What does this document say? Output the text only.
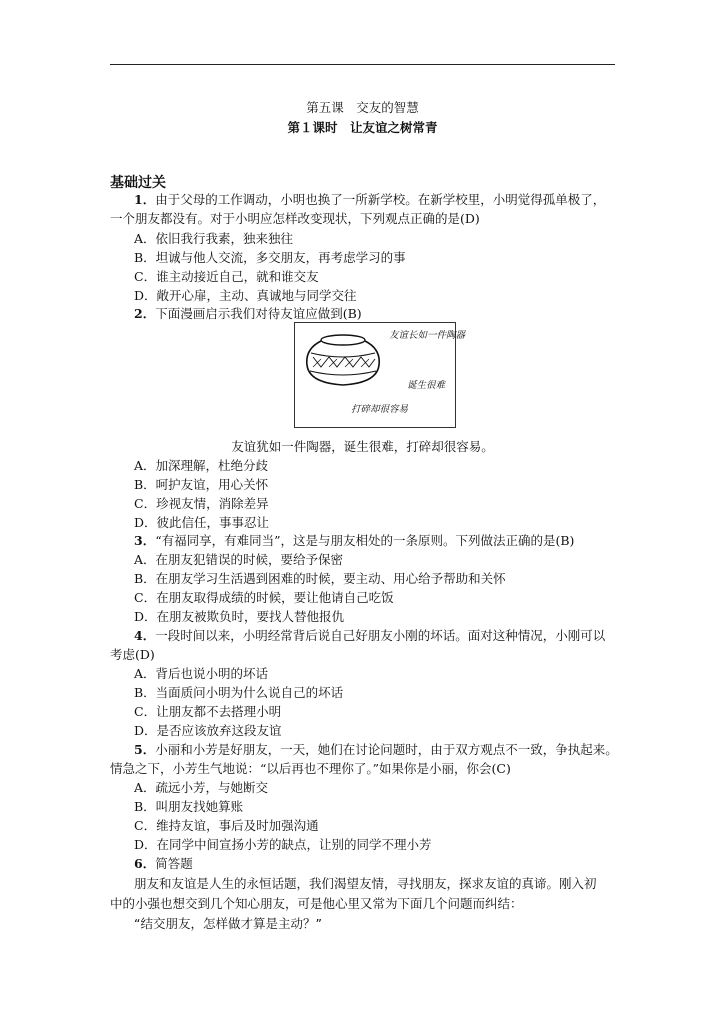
第五课　交友的智慧
第１课时　让友谊之树常青
基础过关
1．由于父母的工作调动，小明也换了一所新学校。在新学校里，小明觉得孤单极了，
一个朋友都没有。对于小明应怎样改变现状，下列观点正确的是(D)
A．依旧我行我素，独来独往
B．坦诚与他人交流，多交朋友，再考虑学习的事
C．谁主动接近自己，就和谁交友
D．敞开心扉，主动、真诚地与同学交往
2．下面漫画启示我们对待友谊应做到(B)
友谊长如一件陶器
诞生很难
打碎却很容易
友谊犹如一件陶器，诞生很难，打碎却很容易。
A．加深理解，杜绝分歧
B．呵护友谊，用心关怀
C．珍视友情，消除差异
D．彼此信任，事事忍让
3．“有福同享，有难同当”，这是与朋友相处的一条原则。下列做法正确的是(B)
A．在朋友犯错误的时候，要给予保密
B．在朋友学习生活遇到困难的时候，要主动、用心给予帮助和关怀
C．在朋友取得成绩的时候，要让他请自己吃饭
D．在朋友被欺负时，要找人替他报仇
4．一段时间以来，小明经常背后说自己好朋友小刚的坏话。面对这种情况，小刚可以
考虑(D)
A．背后也说小明的坏话
B．当面质问小明为什么说自己的坏话
C．让朋友都不去搭理小明
D．是否应该放弃这段友谊
5．小丽和小芳是好朋友，一天，她们在讨论问题时，由于双方观点不一致，争执起来。
情急之下，小芳生气地说：“以后再也不理你了。”如果你是小丽，你会(C)
A．疏远小芳，与她断交
B．叫朋友找她算账
C．维持友谊，事后及时加强沟通
D．在同学中间宣扬小芳的缺点，让别的同学不理小芳
6．简答题
朋友和友谊是人生的永恒话题，我们渴望友情，寻找朋友，探求友谊的真谛。刚入初
中的小强也想交到几个知心朋友，可是他心里又常为下面几个问题而纠结：
“结交朋友，怎样做才算是主动？”
